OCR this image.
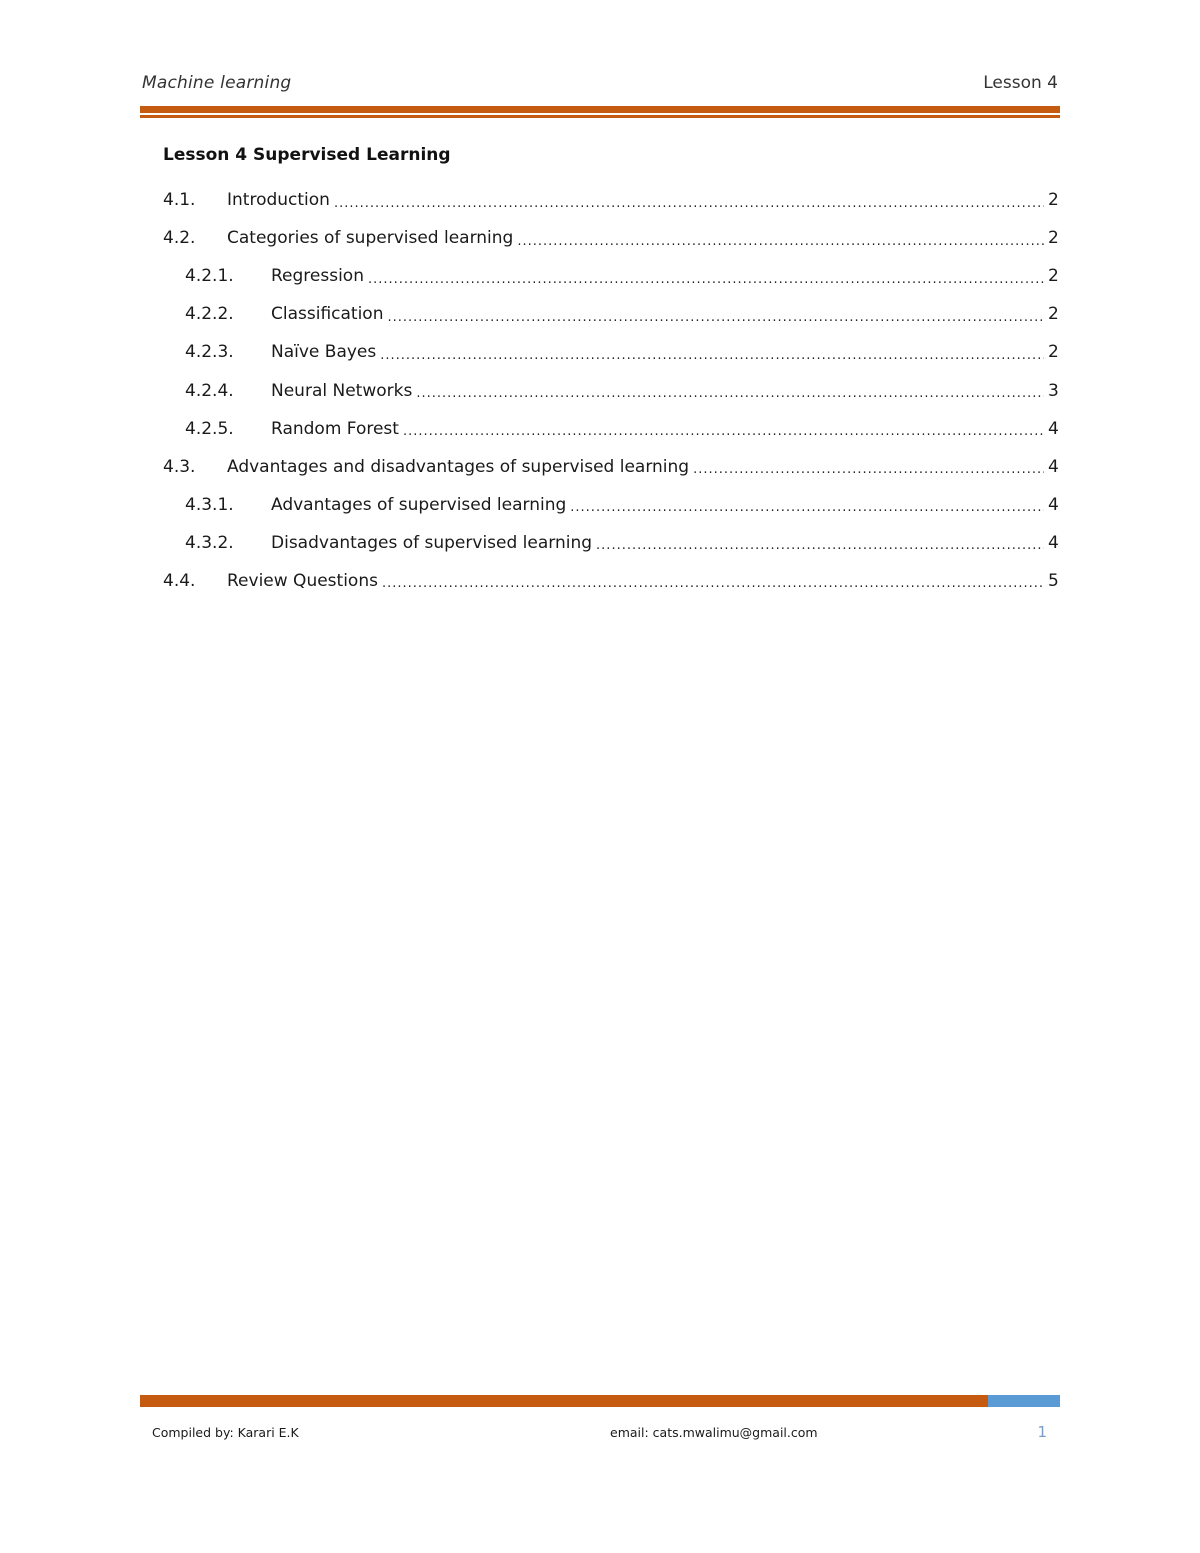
Machine learning	Lesson 4
Lesson 4 Supervised Learning
4.1.	Introduction .....	2
4.2.	Categories of supervised learning .....	2
4.2.1.	Regression .....	2
4.2.2.	Classification .....	2
4.2.3.	Naïve Bayes .....	2
4.2.4.	Neural Networks .....	3
4.2.5.	Random Forest .....	4
4.3.	Advantages and disadvantages of supervised learning .....	4
4.3.1.	Advantages of supervised learning .....	4
4.3.2.	Disadvantages of supervised learning .....	4
4.4.	Review Questions .....	5
Compiled by: Karari E.K	email: cats.mwalimu@gmail.com	1
